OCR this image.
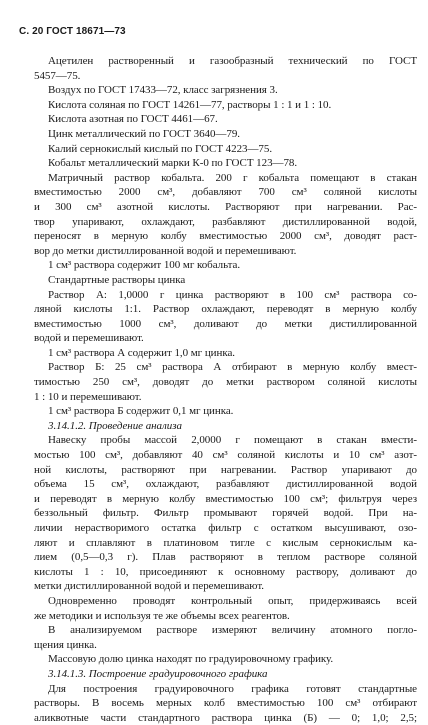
С. 20 ГОСТ 18671—73
Ацетилен растворенный и газообразный технический по ГОСТ
5457—75.
Воздух по ГОСТ 17433—72, класс загрязнения 3.
Кислота соляная по ГОСТ 14261—77, растворы 1 : 1 и 1 : 10.
Кислота азотная по ГОСТ 4461—67.
Цинк металлический по ГОСТ 3640—79.
Калий сернокислый кислый по ГОСТ 4223—75.
Кобальт металлический марки К-0 по ГОСТ 123—78.
Матричный раствор кобальта. 200 г кобальта помещают в стакан
вместимостью 2000 см³, добавляют 700 см³ соляной кислоты
и 300 см³ азотной кислоты. Растворяют при нагревании. Рас-
твор упаривают, охлаждают, разбавляют дистиллированной водой,
переносят в мерную колбу вместимостью 2000 см³, доводят раст-
вор до метки дистиллированной водой и перемешивают.
1 см³ раствора содержит 100 мг кобальта.
Стандартные растворы цинка
Раствор А: 1,0000 г цинка растворяют в 100 см³ раствора со-
ляной кислоты 1:1. Раствор охлаждают, переводят в мерную колбу
вместимостью 1000 см³, доливают до метки дистиллированной
водой и перемешивают.
1 см³ раствора А содержит 1,0 мг цинка.
Раствор Б: 25 см³ раствора А отбирают в мерную колбу вмест-
тимостью 250 см³, доводят до метки раствором соляной кислоты
1 : 10 и перемешивают.
1 см³ раствора Б содержит 0,1 мг цинка.
3.14.1.2. Проведение анализа
Навеску пробы массой 2,0000 г помещают в стакан вмести-
мостью 100 см³, добавляют 40 см³ соляной кислоты и 10 см³ азот-
ной кислоты, растворяют при нагревании. Раствор упаривают до
объема 15 см³, охлаждают, разбавляют дистиллированной водой
и переводят в мерную колбу вместимостью 100 см³; фильтруя через
беззольный фильтр. Фильтр промывают горячей водой. При на-
личии нерастворимого остатка фильтр с остатком высушивают, озо-
ляют и сплавляют в платиновом тигле с кислым сернокислым ка-
лием (0,5—0,3 г). Плав растворяют в теплом растворе соляной
кислоты 1 : 10, присоединяют к основному раствору, доливают до
метки дистиллированной водой и перемешивают.
Одновременно проводят контрольный опыт, придерживаясь всей
же методики и используя те же объемы всех реагентов.
В анализируемом растворе измеряют величину атомного погло-
щения цинка.
Массовую долю цинка находят по градуировочному графику.
3.14.1.3. Построение градуировочного графика
Для построения градуировочного графика готовят стандартные
растворы. В восемь мерных колб вместимостью 100 см³ отбирают
аликвотные части стандартного раствора цинка (Б) — 0; 1,0; 2,5;
